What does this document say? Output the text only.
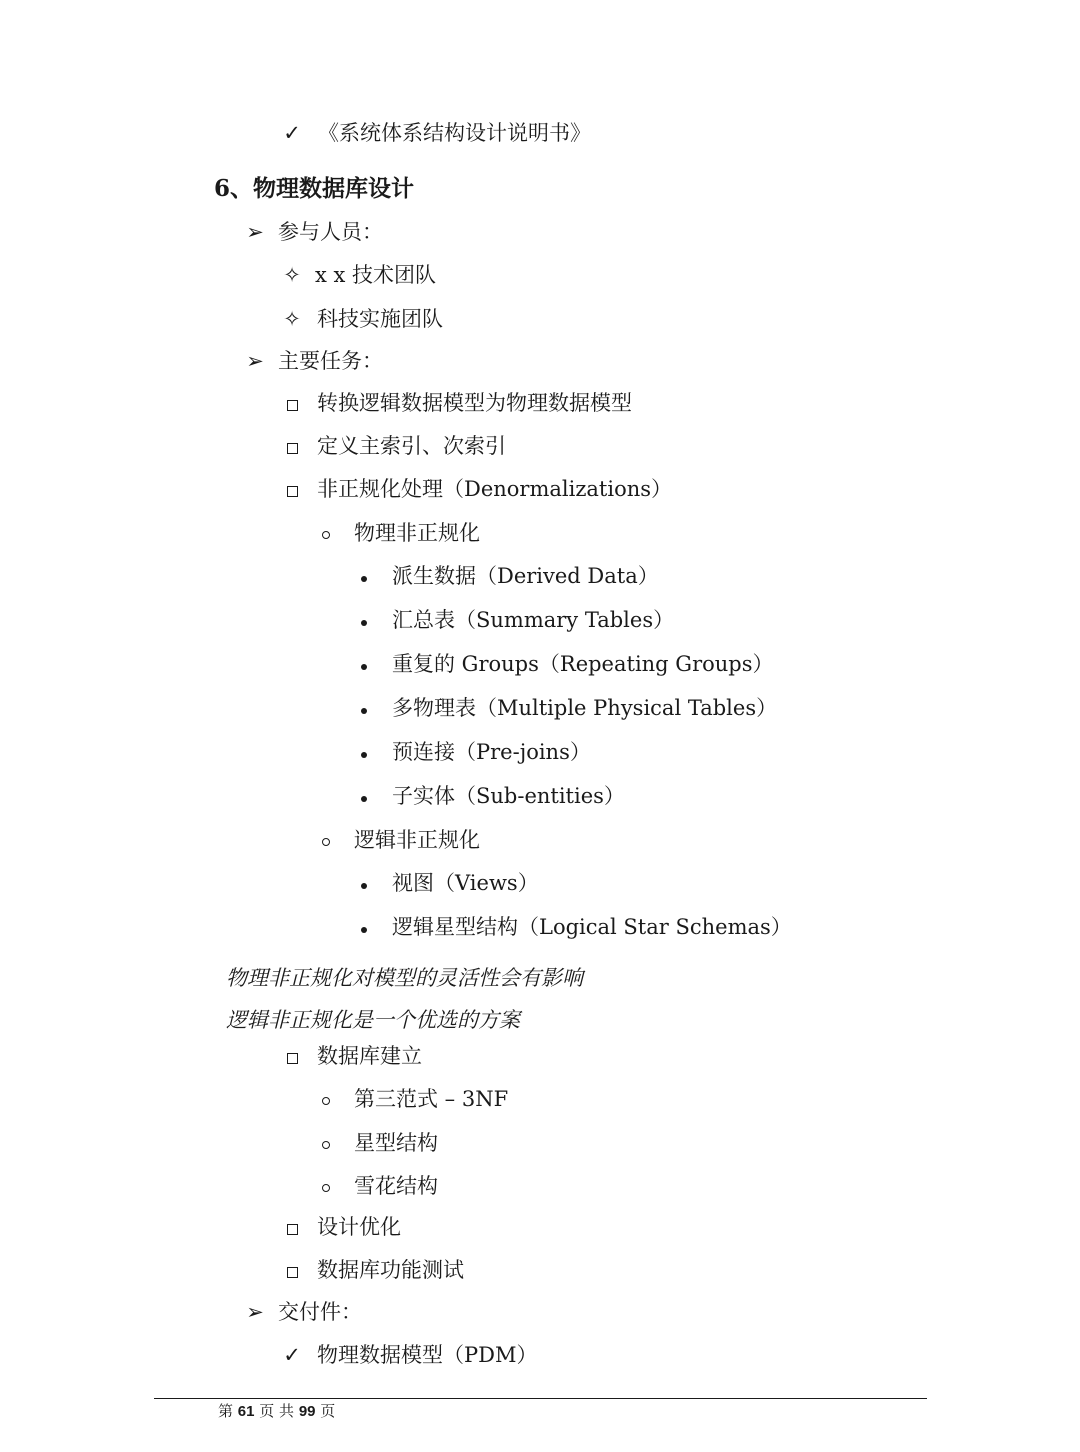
✓ 《系统体系结构设计说明书》
6、物理数据库设计
➢ 参与人员：
✧ x x 技术团队
✧ 科技实施团队
➢ 主要任务：
转换逻辑数据模型为物理数据模型
定义主索引、次索引
非正规化处理（Denormalizations）
物理非正规化
派生数据（Derived Data）
汇总表（Summary Tables）
重复的 Groups（Repeating Groups）
多物理表（Multiple Physical Tables）
预连接（Pre-joins）
子实体（Sub-entities）
逻辑非正规化
视图（Views）
逻辑星型结构（Logical Star Schemas）
物理非正规化对模型的灵活性会有影响
逻辑非正规化是一个优选的方案
数据库建立
第三范式 – 3NF
星型结构
雪花结构
设计优化
数据库功能测试
➢ 交付件：
✓ 物理数据模型（PDM）
第 61 页 共 99 页
